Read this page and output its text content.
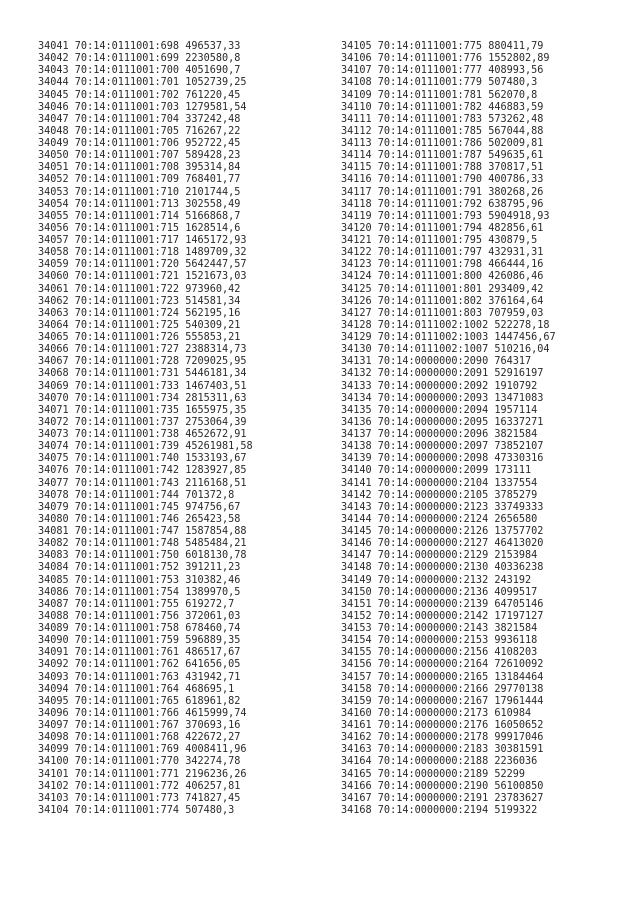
34041 70:14:0111001:698 496537,33
34042 70:14:0111001:699 2230580,8
34043 70:14:0111001:700 4051690,7
34044 70:14:0111001:701 1052739,25
34045 70:14:0111001:702 761220,45
34046 70:14:0111001:703 1279581,54
34047 70:14:0111001:704 337242,48
34048 70:14:0111001:705 716267,22
34049 70:14:0111001:706 952722,45
34050 70:14:0111001:707 589428,23
34051 70:14:0111001:708 395314,84
34052 70:14:0111001:709 768401,77
34053 70:14:0111001:710 2101744,5
34054 70:14:0111001:713 302558,49
34055 70:14:0111001:714 5166868,7
34056 70:14:0111001:715 1628514,6
34057 70:14:0111001:717 1465172,93
34058 70:14:0111001:718 1489709,32
34059 70:14:0111001:720 5642447,57
34060 70:14:0111001:721 1521673,03
34061 70:14:0111001:722 973960,42
34062 70:14:0111001:723 514581,34
34063 70:14:0111001:724 562195,16
34064 70:14:0111001:725 540309,21
34065 70:14:0111001:726 555853,21
34066 70:14:0111001:727 2388314,73
34067 70:14:0111001:728 7209025,95
34068 70:14:0111001:731 5446181,34
34069 70:14:0111001:733 1467403,51
34070 70:14:0111001:734 2815311,63
34071 70:14:0111001:735 1655975,35
34072 70:14:0111001:737 2753064,39
34073 70:14:0111001:738 4652672,91
34074 70:14:0111001:739 45261981,58
34075 70:14:0111001:740 1533193,67
34076 70:14:0111001:742 1283927,85
34077 70:14:0111001:743 2116168,51
34078 70:14:0111001:744 701372,8
34079 70:14:0111001:745 974756,67
34080 70:14:0111001:746 265423,58
34081 70:14:0111001:747 1587854,88
34082 70:14:0111001:748 5485484,21
34083 70:14:0111001:750 6018130,78
34084 70:14:0111001:752 391211,23
34085 70:14:0111001:753 310382,46
34086 70:14:0111001:754 1389970,5
34087 70:14:0111001:755 619272,7
34088 70:14:0111001:756 372061,03
34089 70:14:0111001:758 678460,74
34090 70:14:0111001:759 596889,35
34091 70:14:0111001:761 486517,67
34092 70:14:0111001:762 641656,05
34093 70:14:0111001:763 431942,71
34094 70:14:0111001:764 468695,1
34095 70:14:0111001:765 618961,82
34096 70:14:0111001:766 4615999,74
34097 70:14:0111001:767 370693,16
34098 70:14:0111001:768 422672,27
34099 70:14:0111001:769 4008411,96
34100 70:14:0111001:770 342274,78
34101 70:14:0111001:771 2196236,26
34102 70:14:0111001:772 406257,81
34103 70:14:0111001:773 741827,45
34104 70:14:0111001:774 507480,3
34105 70:14:0111001:775 880411,79
34106 70:14:0111001:776 1552802,89
34107 70:14:0111001:777 408993,56
34108 70:14:0111001:779 507480,3
34109 70:14:0111001:781 562070,8
34110 70:14:0111001:782 446883,59
34111 70:14:0111001:783 573262,48
34112 70:14:0111001:785 567044,88
34113 70:14:0111001:786 502009,81
34114 70:14:0111001:787 549635,61
34115 70:14:0111001:788 370817,51
34116 70:14:0111001:790 400786,33
34117 70:14:0111001:791 380268,26
34118 70:14:0111001:792 638795,96
34119 70:14:0111001:793 5904918,93
34120 70:14:0111001:794 482856,61
34121 70:14:0111001:795 430879,5
34122 70:14:0111001:797 432931,31
34123 70:14:0111001:798 466444,16
34124 70:14:0111001:800 426086,46
34125 70:14:0111001:801 293409,42
34126 70:14:0111001:802 376164,64
34127 70:14:0111001:803 707959,03
34128 70:14:0111002:1002 522278,18
34129 70:14:0111002:1003 1447456,67
34130 70:14:0111002:1007 510216,04
34131 70:14:0000000:2090 764317
34132 70:14:0000000:2091 52916197
34133 70:14:0000000:2092 1910792
34134 70:14:0000000:2093 13471083
34135 70:14:0000000:2094 1957114
34136 70:14:0000000:2095 16337271
34137 70:14:0000000:2096 3821584
34138 70:14:0000000:2097 73852107
34139 70:14:0000000:2098 47330316
34140 70:14:0000000:2099 173111
34141 70:14:0000000:2104 1337554
34142 70:14:0000000:2105 3785279
34143 70:14:0000000:2123 33749333
34144 70:14:0000000:2124 2656580
34145 70:14:0000000:2126 13757702
34146 70:14:0000000:2127 46413020
34147 70:14:0000000:2129 2153984
34148 70:14:0000000:2130 40336238
34149 70:14:0000000:2132 243192
34150 70:14:0000000:2136 4099517
34151 70:14:0000000:2139 64705146
34152 70:14:0000000:2142 17197127
34153 70:14:0000000:2143 3821584
34154 70:14:0000000:2153 9936118
34155 70:14:0000000:2156 4108203
34156 70:14:0000000:2164 72610092
34157 70:14:0000000:2165 13184464
34158 70:14:0000000:2166 29770138
34159 70:14:0000000:2167 17961444
34160 70:14:0000000:2173 610984
34161 70:14:0000000:2176 16050652
34162 70:14:0000000:2178 99917046
34163 70:14:0000000:2183 30381591
34164 70:14:0000000:2188 2236036
34165 70:14:0000000:2189 52299
34166 70:14:0000000:2190 56100850
34167 70:14:0000000:2191 23783627
34168 70:14:0000000:2194 5199322
